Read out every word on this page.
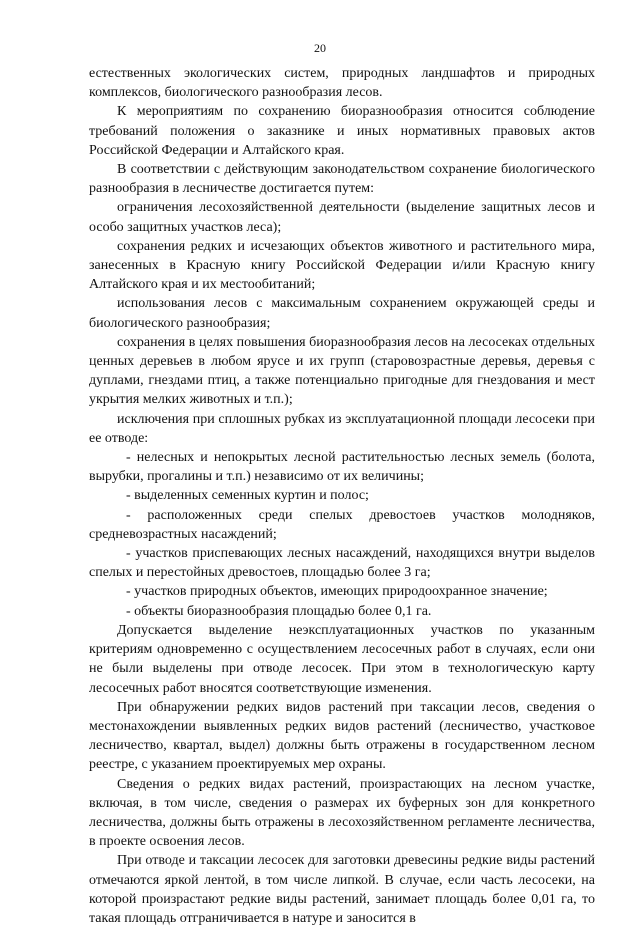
20

естественных экологических систем, природных ландшафтов и природных комплексов, биологического разнообразия лесов.

К мероприятиям по сохранению биоразнообразия относится соблюдение требований положения о заказнике и иных нормативных правовых актов Российской Федерации и Алтайского края.

В соответствии с действующим законодательством сохранение биологического разнообразия в лесничестве достигается путем:

ограничения лесохозяйственной деятельности (выделение защитных лесов и особо защитных участков леса);

сохранения редких и исчезающих объектов животного и растительного мира, занесенных в Красную книгу Российской Федерации и/или Красную книгу Алтайского края и их местообитаний;

использования лесов с максимальным сохранением окружающей среды и биологического разнообразия;

сохранения в целях повышения биоразнообразия лесов на лесосеках отдельных ценных деревьев в любом ярусе и их групп (старовозрастные деревья, деревья с дуплами, гнездами птиц, а также потенциально пригодные для гнездования и мест укрытия мелких животных и т.п.);

исключения при сплошных рубках из эксплуатационной площади лесосеки при ее отводе:

- нелесных и непокрытых лесной растительностью лесных земель (болота, вырубки, прогалины и т.п.) независимо от их величины;

- выделенных семенных куртин и полос;

- расположенных среди спелых древостоев участков молодняков, средневозрастных насаждений;

- участков приспевающих лесных насаждений, находящихся внутри выделов спелых и перестойных древостоев, площадью более 3 га;

- участков природных объектов, имеющих природоохранное значение;

- объекты биоразнообразия площадью более 0,1 га.

Допускается выделение неэксплуатационных участков по указанным критериям одновременно с осуществлением лесосечных работ в случаях, если они не были выделены при отводе лесосек. При этом в технологическую карту лесосечных работ вносятся соответствующие изменения.

При обнаружении редких видов растений при таксации лесов, сведения о местонахождении выявленных редких видов растений (лесничество, участковое лесничество, квартал, выдел) должны быть отражены в государственном лесном реестре, с указанием проектируемых мер охраны.

Сведения о редких видах растений, произрастающих на лесном участке, включая, в том числе, сведения о размерах их буферных зон для конкретного лесничества, должны быть отражены в лесохозяйственном регламенте лесничества, в проекте освоения лесов.

При отводе и таксации лесосек для заготовки древесины редкие виды растений отмечаются яркой лентой, в том числе липкой. В случае, если часть лесосеки, на которой произрастают редкие виды растений, занимает площадь более 0,01 га, то такая площадь отграничивается в натуре и заносится в
